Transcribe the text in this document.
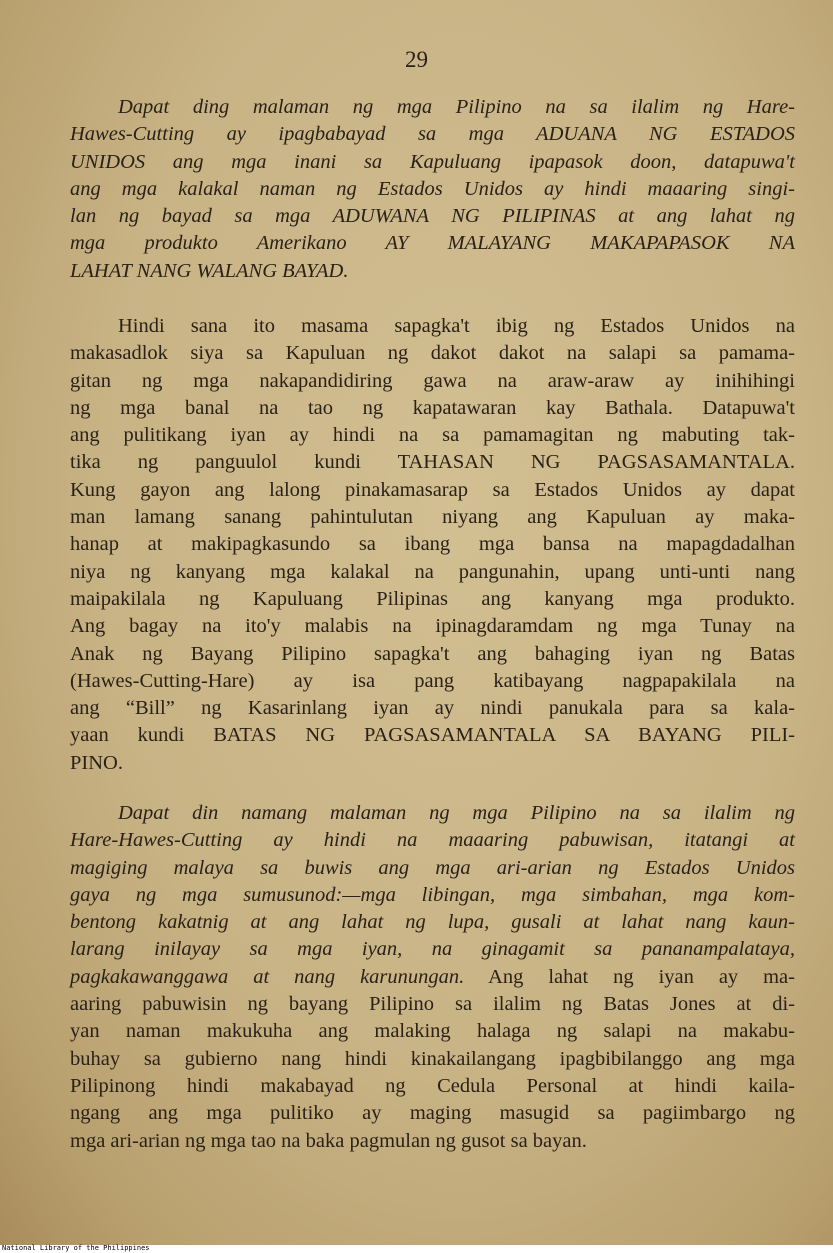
29

Dapat ding malaman ng mga Pilipino na sa ilalim ng Hare-
Hawes-Cutting ay ipagbabayad sa mga ADUANA NG ESTADOS
UNIDOS ang mga inani sa Kapuluang ipapasok doon, datapuwa't
ang mga kalakal naman ng Estados Unidos ay hindi maaaring singi-
lan ng bayad sa mga ADUWANA NG PILIPINAS at ang lahat ng
mga produkto Amerikano AY MALAYANG MAKAPAPASOK NA
LAHAT NANG WALANG BAYAD.

Hindi sana ito masama sapagka't ibig ng Estados Unidos na
makasadlok siya sa Kapuluan ng dakot dakot na salapi sa pamama-
gitan ng mga nakapandidiring gawa na araw-araw ay inihihingi
ng mga banal na tao ng kapatawaran kay Bathala. Datapuwa't
ang pulitikang iyan ay hindi na sa pamamagitan ng mabuting tak-
tika ng panguulol kundi TAHASAN NG PAGSASAMANTALA.
Kung gayon ang lalong pinakamasarap sa Estados Unidos ay dapat
man lamang sanang pahintulutan niyang ang Kapuluan ay maka-
hanap at makipagkasundo sa ibang mga bansa na mapagdadalhan
niya ng kanyang mga kalakal na pangunahin, upang unti-unti nang
maipakilala ng Kapuluang Pilipinas ang kanyang mga produkto.
Ang bagay na ito'y malabis na ipinagdaramdam ng mga Tunay na
Anak ng Bayang Pilipino sapagka't ang bahaging iyan ng Batas
(Hawes-Cutting-Hare) ay isa pang katibayang nagpapakilala na
ang “Bill” ng Kasarinlang iyan ay nindi panukala para sa kala-
yaan kundi BATAS NG PAGSASAMANTALA SA BAYANG PILI-
PINO.

Dapat din namang malaman ng mga Pilipino na sa ilalim ng
Hare-Hawes-Cutting ay hindi na maaaring pabuwisan, itatangi at
magiging malaya sa buwis ang mga ari-arian ng Estados Unidos
gaya ng mga sumusunod:—mga libingan, mga simbahan, mga kom-
bentong kakatnig at ang lahat ng lupa, gusali at lahat nang kaun-
larang inilayay sa mga iyan, na ginagamit sa pananampalataya,
pagkakawanggawa at nang karunungan. Ang lahat ng iyan ay ma-
aaring pabuwisin ng bayang Pilipino sa ilalim ng Batas Jones at di-
yan naman makukuha ang malaking halaga ng salapi na makabu-
buhay sa gubierno nang hindi kinakailangang ipagbibilanggo ang mga
Pilipinong hindi makabayad ng Cedula Personal at hindi kaila-
ngang ang mga pulitiko ay maging masugid sa pagiimbargo ng
mga ari-arian ng mga tao na baka pagmulan ng gusot sa bayan.

National Library of the Philippines
